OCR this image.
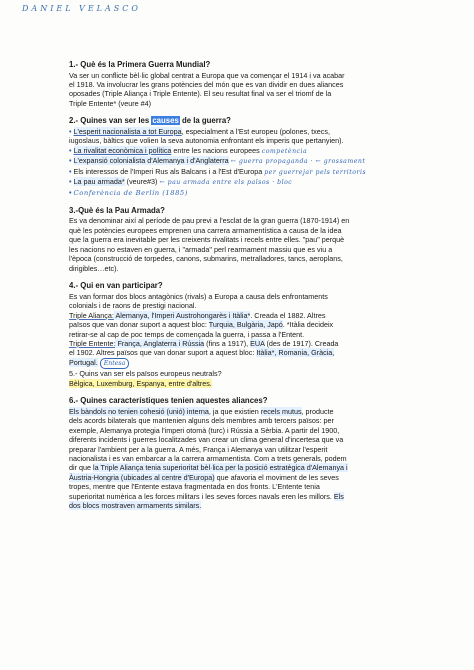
DANIEL VELASCO
1.- Què és la Primera Guerra Mundial?

Va ser un conflicte bèl·lic global centrat a Europa que va començar el 1914 i va acabar

el 1918. Va involucrar les grans potències del món que es van dividir en dues aliances

oposades (Triple Aliança i Triple Entente). El seu resultat final va ser el triomf de la

Triple Entente* (veure #4)

2.- Quines van ser les causes de la guerra?

• L'esperit nacionalista a tot Europa, especialment a l'Est europeu (polones, txecs,

iugoslaus, bàltics que volien la seva autonomia enfrontant els imperis que pertanyien).

• La rivalitat econòmica i política entre les nacions europees competència

• L'expansió colonialista d'Alemanya i d'Anglaterra ← guerra propaganda · ← grossament

• Els interessos de l'Imperi Rus als Balcans i a l'Est d'Europa per guerrejar pels territoris

• La pau armada* (veure#3) ← pau armada entre els països · bloc

• Conferència de Berlín (1885)

3.-Què és la Pau Armada?

Es va denominar així al període de pau previ a l'esclat de la gran guerra (1870-1914) en

què les potències europees emprenen una carrera armamentística a causa de la idea

que la guerra era inevitable per les creixents rivalitats i recels entre elles. "pau" perquè

les nacions no estaven en guerra, i "armada" perl rearmament massiu que es viu a

l'època (construcció de torpedes, canons, submarins, metralladores, tancs, aeroplans,

dirigibles…etc).

4.- Qui en van participar?

Es van formar dos blocs antagònics (rivals) a Europa a causa dels enfrontaments

colonials i de raons de prestigi nacional.

Triple Aliança: Alemanya, l'Imperi Austrohongarès i Itàlia*. Creada el 1882. Altres

països que van donar suport a aquest bloc: Turquia, Bulgària, Japó. *Itàlia decideix

retirar-se al cap de poc temps de començada la guerra, i passa a l'Entent.

Triple Entente: França, Anglaterra i Rússia (fins a 1917), EUA (des de 1917). Creada

el 1902. Altres països que van donar suport a aquest bloc: Itàlia*, Romania, Gràcia,

Portugal. Entesa

5.- Quins van ser els països europeus neutrals?

Bèlgica, Luxemburg, Espanya, entre d'altres.

6.- Quines característiques tenien aquestes aliances?

Els bàndols no tenien cohesió (unió) interna, ja que existien recels mutus, producte

dels acords bilaterals que mantenien alguns dels membres amb tercers països: per

exemple, Alemanya protegia l'imperi otomà (turc) i Rússia a Sèrbia. A partir del 1900,

diferents incidents i guerres localitzades van crear un clima general d'incertesa que va

preparar l'ambient per a la guerra. A més, França i Alemanya van utilitzar l'esperit

nacionalista i es van embarcar a la carrera armamentista. Com a trets generals, podem

dir que la Triple Aliança tenia superioritat bèl·lica per la posició estratègica d'Alemanya i

Àustria-Hongria (ubicades al centre d'Europa) que afavoria el moviment de les seves

tropes, mentre que l'Entente estava fragmentada en dos fronts. L'Entente tenia

superioritat numèrica a les forces militars i les seves forces navals eren les millors. Els

dos blocs mostraven armaments similars.
